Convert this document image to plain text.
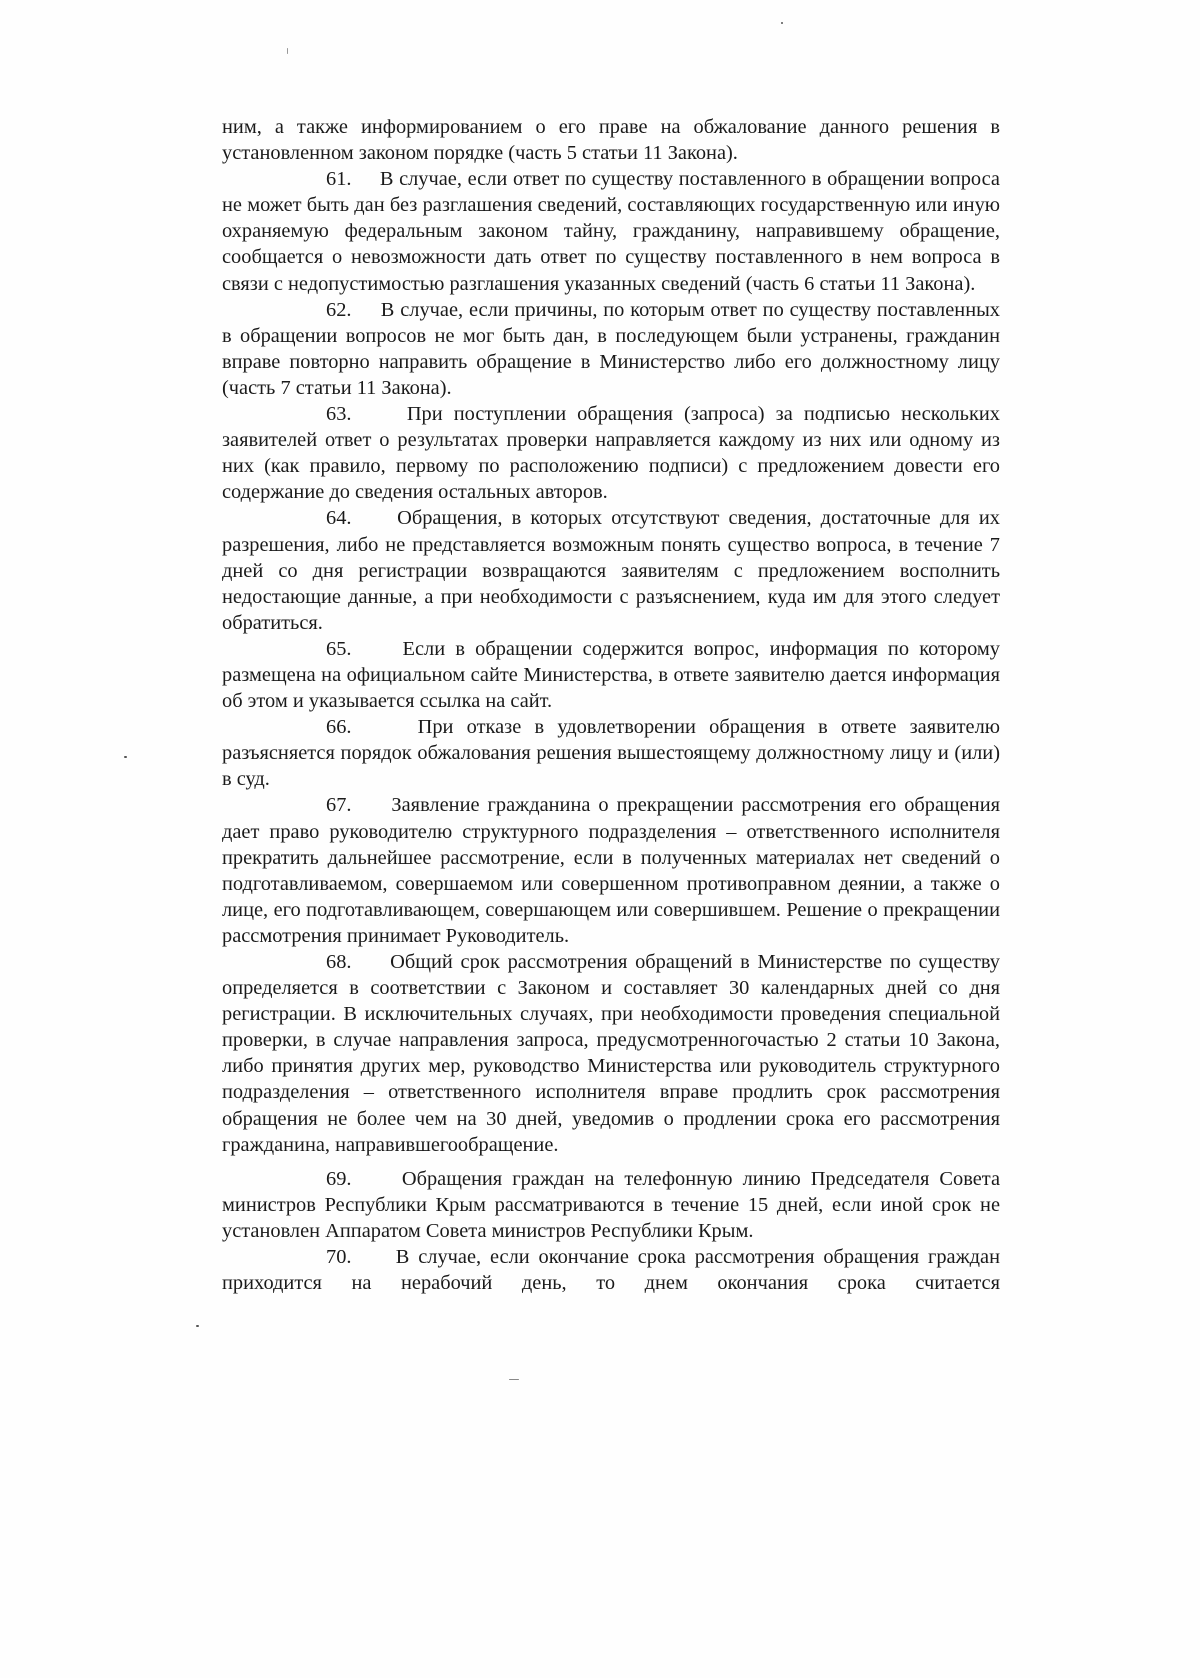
ним, а также информированием о его праве на обжалование данного решения в установленном законом порядке (часть 5 статьи 11 Закона).

61. В случае, если ответ по существу поставленного в обращении вопроса не может быть дан без разглашения сведений, составляющих государственную или иную охраняемую федеральным законом тайну, гражданину, направившему обращение, сообщается о невозможности дать ответ по существу поставленного в нем вопроса в связи с недопустимостью разглашения указанных сведений (часть 6 статьи 11 Закона).

62. В случае, если причины, по которым ответ по существу поставленных в обращении вопросов не мог быть дан, в последующем были устранены, гражданин вправе повторно направить обращение в Министерство либо его должностному лицу (часть 7 статьи 11 Закона).

63.	При поступлении обращения (запроса) за подписью нескольких заявителей ответ о результатах проверки направляется каждому из них или одному из них (как правило, первому по расположению подписи) с предложением довести его содержание до сведения остальных авторов.

64. Обращения, в которых отсутствуют сведения, достаточные для их разрешения, либо не представляется возможным понять существо вопроса, в течение 7 дней со дня регистрации возвращаются заявителям с предложением восполнить недостающие данные, а при необходимости с разъяснением, куда им для этого следует обратиться.

65.	Если в обращении содержится вопрос, информация по которому размещена на официальном сайте Министерства, в ответе заявителю дается информация об этом и указывается ссылка на сайт.

66.	При отказе в удовлетворении обращения в ответе заявителю разъясняется порядок обжалования решения вышестоящему должностному лицу и (или) в суд.

67. Заявление гражданина о прекращении рассмотрения его обращения дает право руководителю структурного подразделения – ответственного исполнителя прекратить дальнейшее рассмотрение, если в полученных материалах нет сведений о подготавливаемом, совершаемом или совершенном противоправном деянии, а также о лице, его подготавливающем, совершающем или совершившем. Решение о прекращении рассмотрения принимает Руководитель.

68. Общий срок рассмотрения обращений в Министерстве по существу определяется в соответствии с Законом и составляет 30 календарных дней со дня регистрации. В исключительных случаях, при необходимости проведения специальной проверки, в случае направления запроса, предусмотренногочастью 2 статьи 10 Закона, либо принятия других мер, руководство Министерства или руководитель структурного подразделения – ответственного исполнителя вправе продлить срок рассмотрения обращения не более чем на 30 дней, уведомив о продлении срока его рассмотрения гражданина, направившегообращение.

69. Обращения граждан на телефонную линию Председателя Совета министров Республики Крым рассматриваются в течение 15 дней, если иной срок не установлен Аппаратом Совета министров Республики Крым.

70. В случае, если окончание срока рассмотрения обращения граждан приходится на нерабочий день, то днем окончания срока считается
